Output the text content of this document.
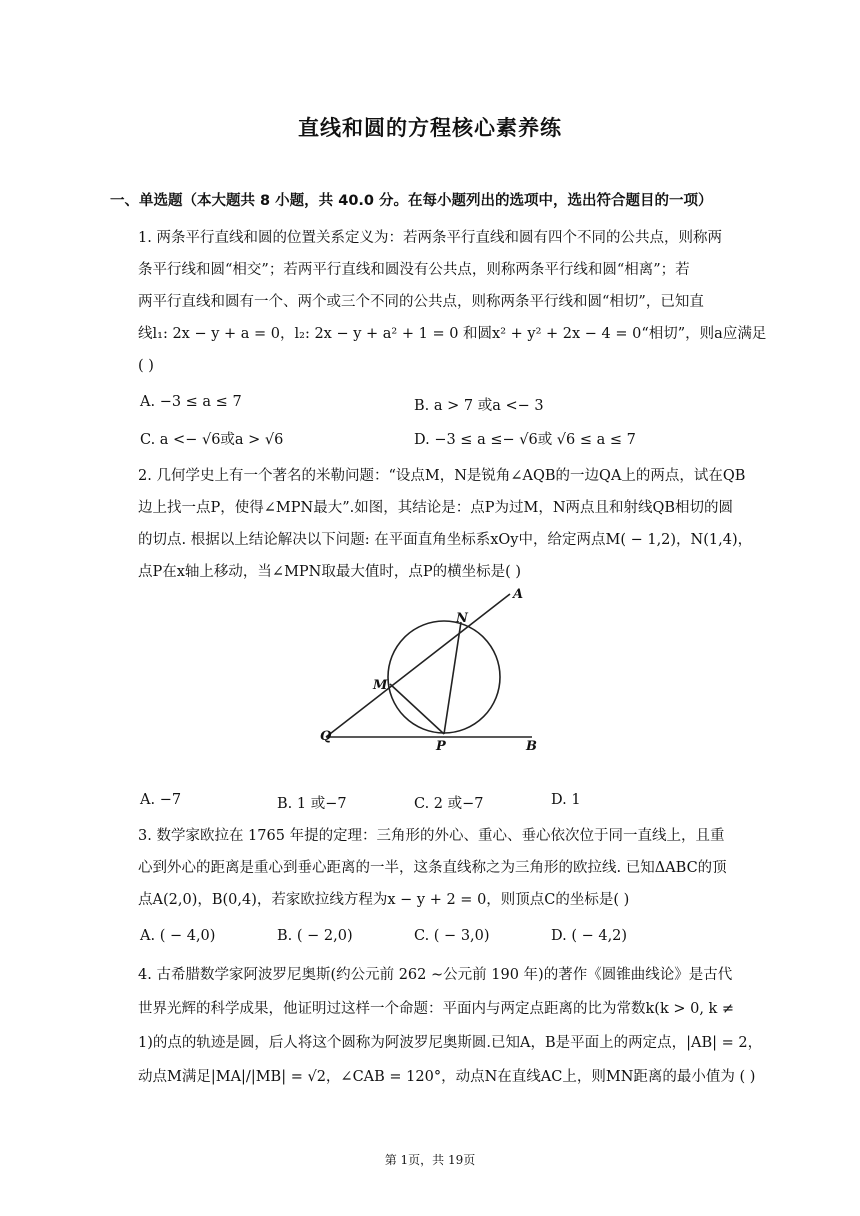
直线和圆的方程核心素养练
一、单选题（本大题共 8 小题，共 40.0 分。在每小题列出的选项中，选出符合题目的一项）
1. 两条平行直线和圆的位置关系定义为：若两条平行直线和圆有四个不同的公共点，则称两
条平行线和圆“相交”；若两平行直线和圆没有公共点，则称两条平行线和圆“相离”；若
两平行直线和圆有一个、两个或三个不同的公共点，则称两条平行线和圆“相切”，已知直
线l₁: 2x − y + a = 0，l₂: 2x − y + a² + 1 = 0 和圆x² + y² + 2x − 4 = 0“相切”，则a应满足
( )
A. −3 ≤ a ≤ 7	B. a > 7 或a <− 3
C. a <− √6或a > √6	D. −3 ≤ a ≤− √6或 √6 ≤ a ≤ 7
2. 几何学史上有一个著名的米勒问题：“设点M，N是锐角∠AQB的一边QA上的两点，试在QB
边上找一点P，使得∠MPN最大”.如图，其结论是：点P为过M，N两点且和射线QB相切的圆
的切点. 根据以上结论解决以下问题: 在平面直角坐标系xOy中，给定两点M( − 1,2)，N(1,4)，
点P在x轴上移动，当∠MPN取最大值时，点P的横坐标是( )
A
N
M
Q
P	B
A. −7	B. 1 或−7	C. 2 或−7	D. 1
3. 数学家欧拉在 1765 年提的定理：三角形的外心、重心、垂心依次位于同一直线上，且重
心到外心的距离是重心到垂心距离的一半，这条直线称之为三角形的欧拉线. 已知ΔABC的顶
点A(2,0)，B(0,4)，若家欧拉线方程为x − y + 2 = 0，则顶点C的坐标是( )
A. ( − 4,0)	B. ( − 2,0)	C. ( − 3,0)	D. ( − 4,2)
4. 古希腊数学家阿波罗尼奥斯(约公元前 262 ∼公元前 190 年)的著作《圆锥曲线论》是古代
世界光辉的科学成果，他证明过这样一个命题：平面内与两定点距离的比为常数k(k > 0, k ≠
1)的点的轨迹是圆，后人将这个圆称为阿波罗尼奥斯圆.已知A，B是平面上的两定点，|AB| = 2，
动点M满足|MA|/|MB| = √2，∠CAB = 120°，动点N在直线AC上，则MN距离的最小值为 ( )
第 1页，共 19页
